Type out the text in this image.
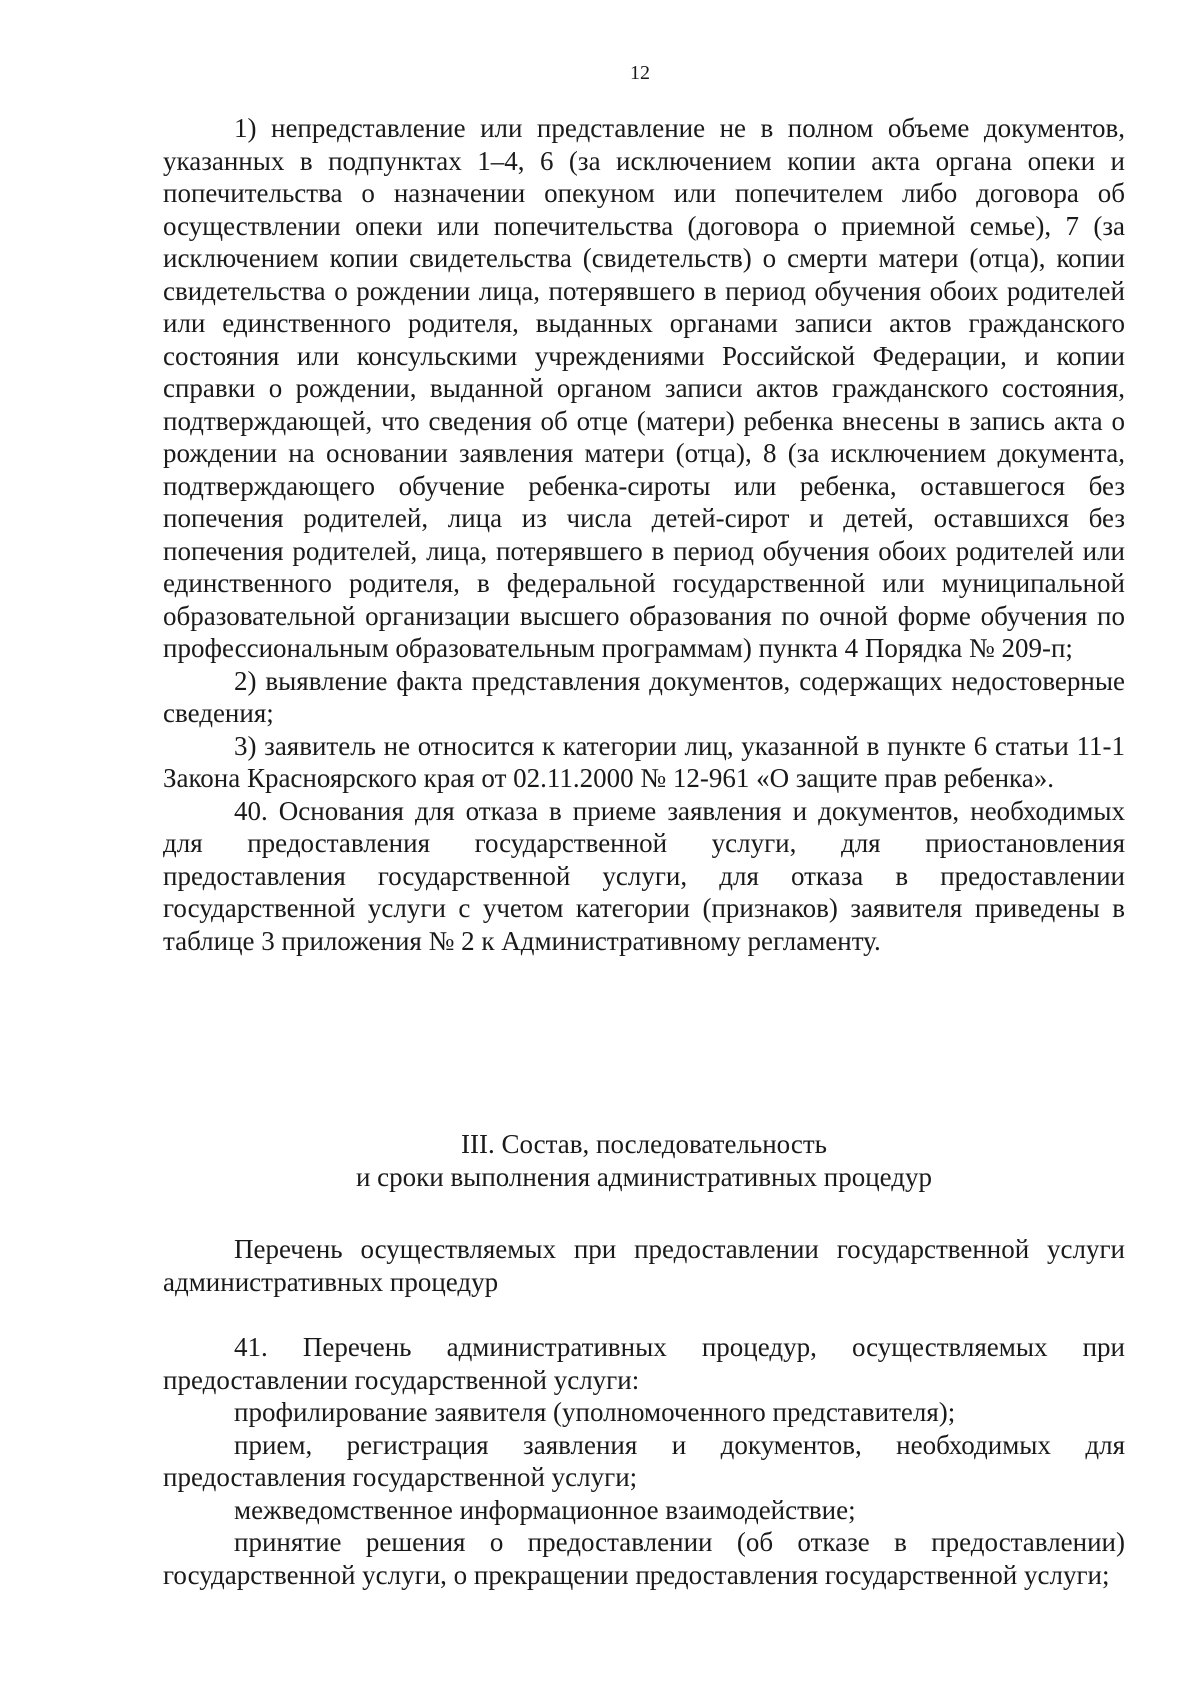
12

1) непредставление или представление не в полном объеме документов, указанных в подпунктах 1–4, 6 (за исключением копии акта органа опеки и попечительства о назначении опекуном или попечителем либо договора об осуществлении опеки или попечительства (договора о приемной семье), 7 (за исключением копии свидетельства (свидетельств) о смерти матери (отца), копии свидетельства о рождении лица, потерявшего в период обучения обоих родителей или единственного родителя, выданных органами записи актов гражданского состояния или консульскими учреждениями Российской Федерации, и копии справки о рождении, выданной органом записи актов гражданского состояния, подтверждающей, что сведения об отце (матери) ребенка внесены в запись акта о рождении на основании заявления матери (отца), 8 (за исключением документа, подтверждающего обучение ребенка-сироты или ребенка, оставшегося без попечения родителей, лица из числа детей-сирот и детей, оставшихся без попечения родителей, лица, потерявшего в период обучения обоих родителей или единственного родителя, в федеральной государственной или муниципальной образовательной организации высшего образования по очной форме обучения по профессиональным образовательным программам) пункта 4 Порядка № 209-п;

2) выявление факта представления документов, содержащих недостоверные сведения;

3) заявитель не относится к категории лиц, указанной в пункте 6 статьи 11-1 Закона Красноярского края от 02.11.2000 № 12-961 «О защите прав ребенка».

40. Основания для отказа в приеме заявления и документов, необходимых для предоставления государственной услуги, для приостановления предоставления государственной услуги, для отказа в предоставлении государственной услуги с учетом категории (признаков) заявителя приведены в таблице 3 приложения № 2 к Административному регламенту.

III. Состав, последовательность
и сроки выполнения административных процедур

Перечень осуществляемых при предоставлении государственной услуги административных процедур

41. Перечень административных процедур, осуществляемых при предоставлении государственной услуги:

профилирование заявителя (уполномоченного представителя);

прием, регистрация заявления и документов, необходимых для предоставления государственной услуги;

межведомственное информационное взаимодействие;

принятие решения о предоставлении (об отказе в предоставлении) государственной услуги, о прекращении предоставления государственной услуги;
